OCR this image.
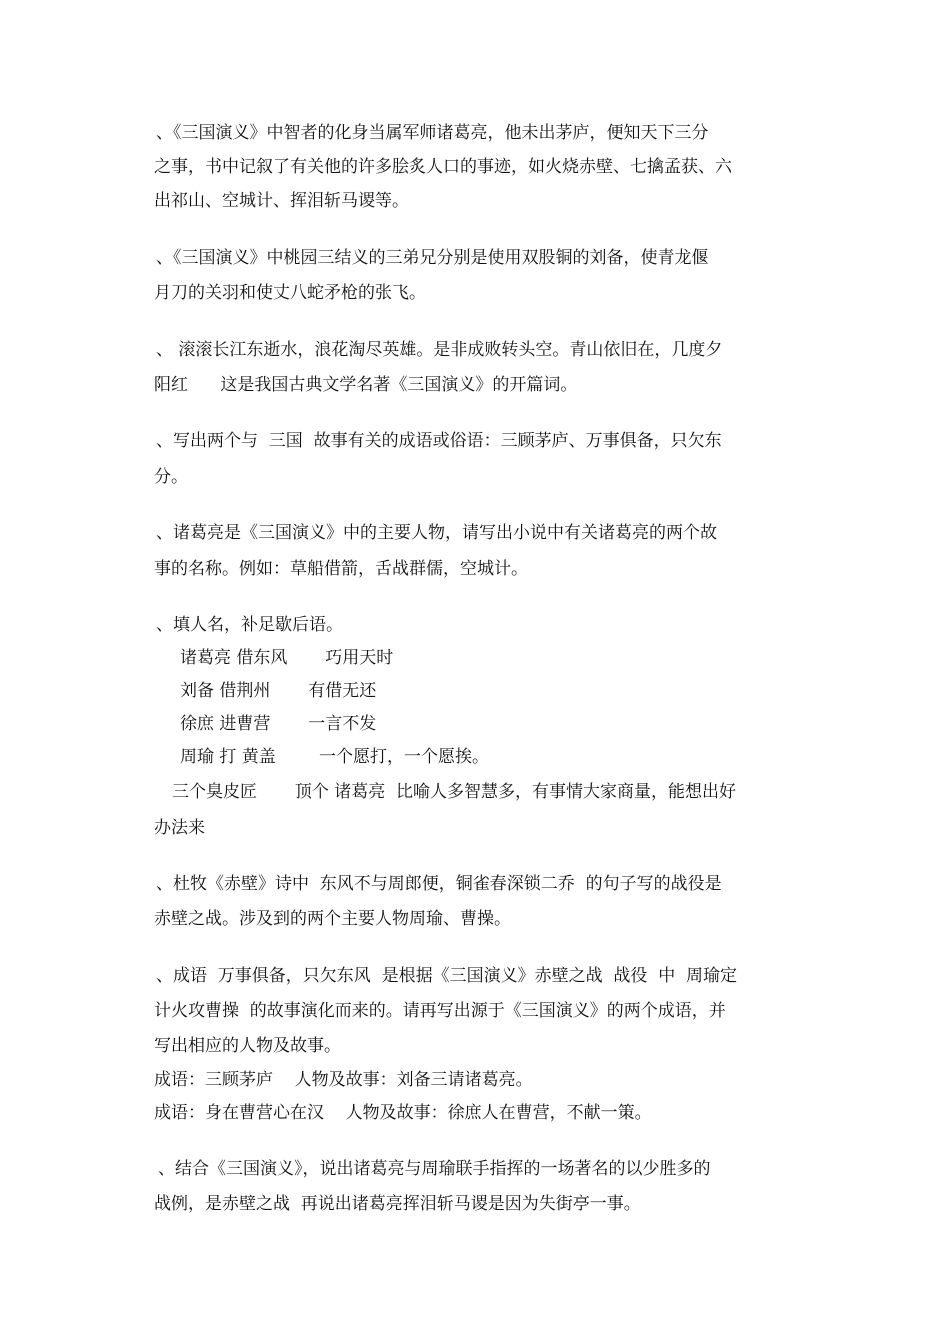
、《三国演义》中智者的化身当属军师诸葛亮，他未出茅庐，便知天下三分
之事，书中记叙了有关他的许多脍炙人口的事迹，如火烧赤壁、七擒孟获、六
出祁山、空城计、挥泪斩马谡等。
、《三国演义》中桃园三结义的三弟兄分别是使用双股铜的刘备，使青龙偃
月刀的关羽和使丈八蛇矛枪的张飞。
、 滚滚长江东逝水，浪花淘尽英雄。是非成败转头空。青山依旧在，几度夕
阳红      这是我国古典文学名著《三国演义》的开篇词。
、写出两个与  三国  故事有关的成语或俗语：三顾茅庐、万事俱备，只欠东
分。
、诸葛亮是《三国演义》中的主要人物，请写出小说中有关诸葛亮的两个故
事的名称。例如：草船借箭，舌战群儒，空城计。
、填人名，补足歇后语。
诸葛亮 借东风       巧用天时
刘备 借荆州       有借无还
徐庶 进曹营       一言不发
周瑜 打 黄盖        一个愿打，一个愿挨。
三个臭皮匠       顶个 诸葛亮  比喻人多智慧多，有事情大家商量，能想出好
办法来
、杜牧《赤壁》诗中  东风不与周郎便，铜雀春深锁二乔  的句子写的战役是
赤壁之战。涉及到的两个主要人物周瑜、曹操。
、成语  万事俱备，只欠东风  是根据《三国演义》赤壁之战  战役  中  周瑜定
计火攻曹操  的故事演化而来的。请再写出源于《三国演义》的两个成语，并
写出相应的人物及故事。
成语：三顾茅庐    人物及故事：刘备三请诸葛亮。
成语：身在曹营心在汉    人物及故事：徐庶人在曹营，不献一策。
、结合《三国演义》，说出诸葛亮与周瑜联手指挥的一场著名的以少胜多的
战例，是赤壁之战  再说出诸葛亮挥泪斩马谡是因为失街亭一事。
